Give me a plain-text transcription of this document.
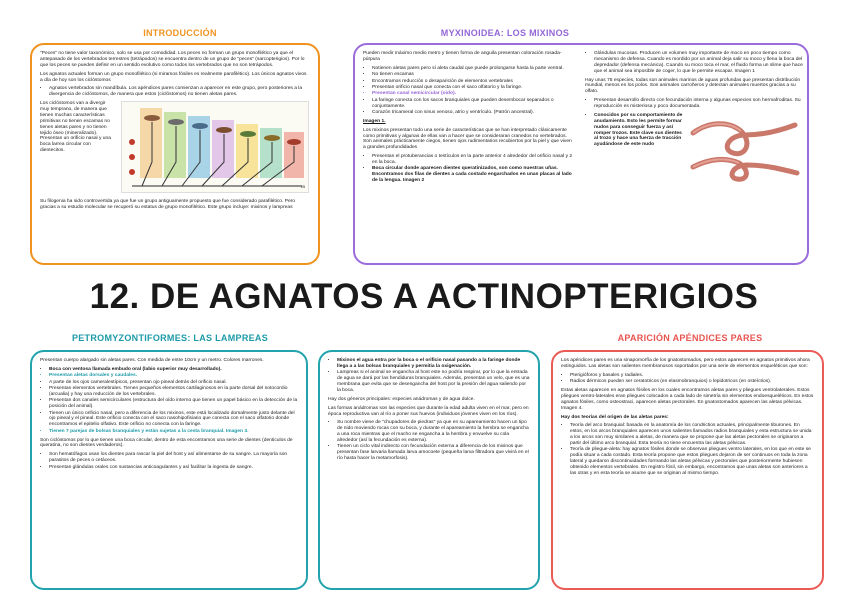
INTRODUCCIÓN

"Peces" no tiene valor taxonómico, solo se usa por comodidad. Los peces no forman un grupo monofilético ya que el antepasado de los vertebrados terrestres (tetrápodos) se encuentra dentro de un grupo de "peces" (sarcopterigios). Por lo que los peces se pueden definir en un sentido evolutivo como todos los vertebrados que no son tetrápodos.

Los agnatos actuales forman un grupo monofilético (si miramos fósiles es realmente parafilético). Los únicos agnatos vivos a día de hoy son los ciclóstomos

• Agnatos vertebrados sin mandíbula. Los apéndices pares comienzan a aparecer en este grupo, pero posteriores a la divergencia de ciclóstomos, de manera que estos (ciclóstomos) no tienen aletas pares.

Los ciclóstomos van a divergir muy temprano, de manera que tienen muchas características primitivas no tienen escamas no tienen aletas pares y no tienen tejido óseo (mineralizado). Presentan un orificio nasal y una boca larrea circular con dientecitos.

IB

Su filogenia ha sido controvertida ya que fue un grupo antiguamente propuesto que fue considerado parafilético. Pero gracias a su estudio molecular se recuperó su estatus de grupo monofilético. Este grupo incluye: mixinos y lampreas

MYXINOIDEA: LOS MIXINOS

Pueden medir máximo medio metro y tienen forma de anguila presentan coloración rosada-púrpura

• Notienen aletas pares pero sí aleta caudal que puede prolongarse hasta la parte ventral.
• No tienen escamas
• Encontramos reducción o desaparición de elementos vertebrales
• Presentan orificio nasal que conecta con el saco olfatorio y la faringe.
• Presentan canal semicircular (oido).
• La faringe conecta con los sacos branquiales que pueden desembocar separados o conjuntamente.
• Corazón tricameral con sinus venoso, atrio y ventrículo. (Patrón ancestral).

Imagen 1.

Los mixinos presentan todo una serie de características que se han interpretado clásicamente como primitivas y algunas de ellas van a hacer que se consideraran cranedos no vertebrados. Son animales prácticamente ciegos, tienen ojos rudimentarios recubiertos por la piel y que viven a grandes profundidades

• Presentan el protuberancias o testículos en la parte anterior 4 alrededor del orificio nasal y 2 en la boca.
• Boca circular donde aparecen dientes queratinizados, son como nuestras uñas. Encontramos dos filas de dientes a cada costado engarchados en unas placas al lado de la lengua. Imagen 2
• Glándulas mucosas. Producen un volumen muy importante de moco en poco tiempo como mecanismo de defensa. Cuando es mordido por un animal deja salir su moco y llena la boca del depredador (defensa mecánica). Cuando su moco toca el mar, el fluido forma un slime que hace que el animal sea imposible de coger, lo que le permite escapar. Imagen 1

Hay unas 75 especies, todas son animales marinos de aguas profundas que presentan distribución mundial, menos en los polos. Son animales carroñeros y detectan animales muertos gracias a su olfato.

• Presentan desarrollo directo con fecundación interna y algunas especies son hermafroditas. Su reproducción es misteriosa y poco documentada.
• Conocidos por su comportamiento de anudamiento. Esto les permite formar nudos para conseguir fuerza y así romper trozos. Este clave sus dientes al trozo y hace una fuerza de tracción ayudándose de este nudo
12. DE AGNATOS A ACTINOPTERIGIOS
PETROMYZONTIFORMES: LAS LAMPREAS

Presentan cuerpo alargado sin aletas pares. Con medida de entre 10cm y un metro. Colores marrones.

• Boca con ventosa llamada embudo oral (labio superior muy desarrollado).
• Presentan aletas dorsales y caudales.
• A parte de los ojos cameralestípicos, presentan ojo pineal detrás del orificio nasal.
• Presentan elementos vertebrales. Tienen pequeños elementos cartilaginosos en la parte dorsal del notocordio (arcualia) y hay una reducción de los vertebrales.
• Presentan dos canales semicirculares (estructura del oído interno que tienen un papel básico en la detección de la posición del animal).
• Tienen un único orificio nasal, pero a diferencia de los mixinos, este está localizado dorsalmente justo delante del ojo pineal y el pineal. Este orificio conecta con el saco nasohipofisiario que conecta con el saco olfatorio donde encontramos el epitelio olfativo. Este orificio no conecta con la faringe.
• Tienen 7 parejas de bolsas branquiales y están sujetas a la cesta branquial. Imagen 3.

Son ciclóstomos por lo que tienen una boca circular, dentro de esta encontramos una serie de dientes (denticulos de queratina, no son dientes verdaderos).

• Son hematófagos usan los dientes para rascar la piel del host y así alimentarse de su sangre. La mayoría son parasitos de peces o cetáceos.
• Presentan glándulas orales con sustancias anticoagulantes y así facilitar la ingesta de sangre.
• Mixinos el agua entra por la boca o el orificio nasal pasando a la faringe donde llega a a las bolsas branquiales y permitia la oxigenación.
• Lampreas si el animal se engancha al host este no podría respirar, por lo que la entrada de agua se dará por las hendiduras branquiales. Además, presentan un velo, que es una membrana que evita que se desengancha del host por la presión del agua saliendo por la boca.

Hay dos géneros principales: especies anádromas y de agua dulce.

Las formas anádromas son las especies que durante la edad adulta viven en el mar, pero en época reproductiva van al río a poner sus huevos (individuos jóvenes viven en los ríos).

• Su nombre viene de "chupadores de piedras" ya que en su apareamiento hacen un tipo de nido moviendo rocas con su boca, y durante el apareamiento la hembra se engancha a una roca mientras que el macho se engancha a la hembra y envuelve su cola alrededor (así la fecundación es externa).
• Tienen un ciclo vital indirecto con fecundación externa a diferencia de los mixinos que presentan fase larvaria llamada larva amocoete (pequeña larva filtradora que vivirá en el río hasta hacer la metamorfosis).
APARICIÓN APÉNDICES PARES

Los apéndices pares es una sinapomorfía de los gnatostomados, pero estos aparecen en agnatos primitivos ahora extinguidos. Las aletas son salientes membranosos soportados por una serie de elementos esqueléticos que son:

• Pterigióforos y basales y radiales.
• Radios dérmicos pueden ser ceratotricos (en elasmobranquios) o lepidotricos (en osteíctios).

Estas aletas aparecen en agnatos fósiles en los cuales encontramos aletas pares y pliegues ventrolaterales. Estos pliegues ventro-laterales eran pliegues colocados a cada lado de simetría sin elementos endoesqueléticos. En estos agnatos fósiles, como osteostraci, aparecen aletas pectorales. En gnatostomados aparecen las aletas pélvicas. Imagen 4.

Hay dos teorías del origen de las aletas pares:

• Teoría del arco branquial: basada en la anatomía de los condrictios actuales, principalmente tiburones. En estos, en los arcos branquiales aparecen unos salientes llamados radios branquiales y esta estructura se unida a los arcos son muy similares a aletas, de manera que se propone que las aletas pectorales se originaron a partir del último arco branquial. Esta teoría no tiene encuentra las aletas pélvicas.
• Teoría de pliegue-aleta: hay agnatos fósiles donde se observan pliegues ventro laterales, en los que en este se podía situar a cada costado. Esta teoría propone que estos pliegues dejaron de ser continuos en toda la zona lateral y quedaron discontinuidades formando las aletas pélvicas y pectorales que posteriormente hubiesen obtenido elementos vertebrales. En registro fósil, sin embargo, encontramos que unas aletas son anteriores a las otras y en esta teoría se asume que se originan al mismo tiempo.
